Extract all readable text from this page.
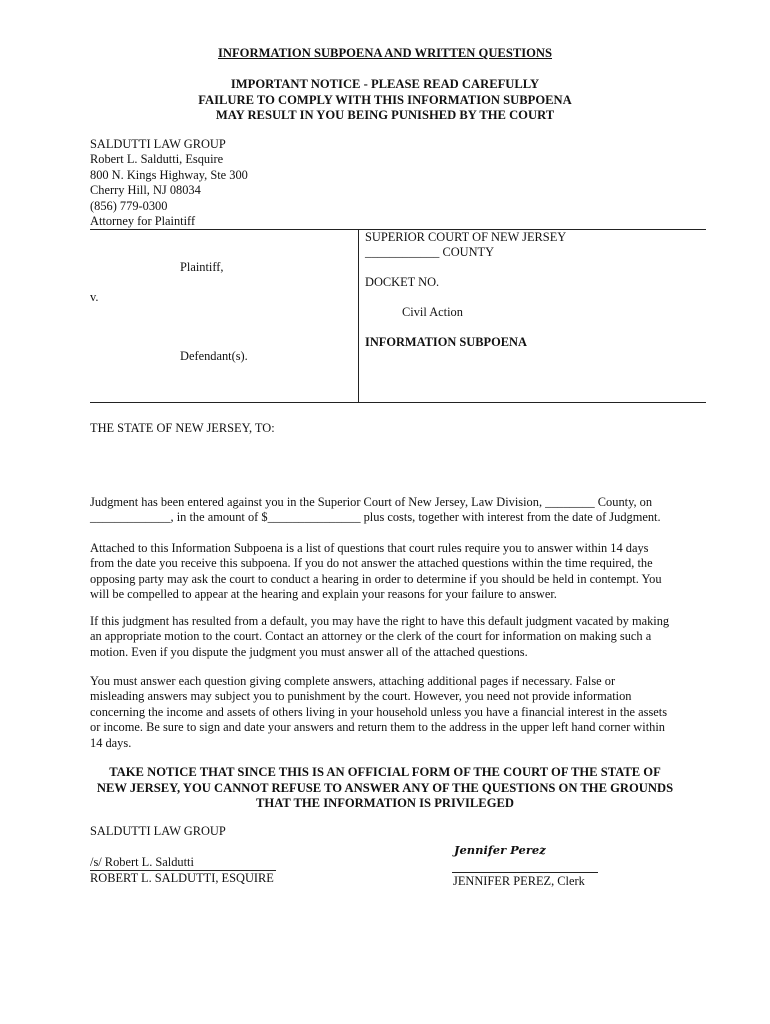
INFORMATION SUBPOENA AND WRITTEN QUESTIONS
IMPORTANT NOTICE - PLEASE READ CAREFULLY
FAILURE TO COMPLY WITH THIS INFORMATION SUBPOENA
MAY RESULT IN YOU BEING PUNISHED BY THE COURT
SALDUTTI LAW GROUP
Robert L. Saldutti, Esquire
800 N. Kings Highway, Ste 300
Cherry Hill, NJ 08034
(856) 779-0300
Attorney for Plaintiff
Plaintiff,
v.
Defendant(s).
SUPERIOR COURT OF NEW JERSEY
____________ COUNTY
DOCKET NO.
Civil Action
INFORMATION SUBPOENA
THE STATE OF NEW JERSEY, TO:
Judgment has been entered against you in the Superior Court of New Jersey, Law Division, ________ County, on
_____________, in the amount of $_______________ plus costs, together with interest from the date of Judgment.
Attached to this Information Subpoena is a list of questions that court rules require you to answer within 14 days
from the date you receive this subpoena. If you do not answer the attached questions within the time required, the
opposing party may ask the court to conduct a hearing in order to determine if you should be held in contempt. You
will be compelled to appear at the hearing and explain your reasons for your failure to answer.
If this judgment has resulted from a default, you may have the right to have this default judgment vacated by making
an appropriate motion to the court. Contact an attorney or the clerk of the court for information on making such a
motion. Even if you dispute the judgment you must answer all of the attached questions.
You must answer each question giving complete answers, attaching additional pages if necessary. False or
misleading answers may subject you to punishment by the court. However, you need not provide information
concerning the income and assets of others living in your household unless you have a financial interest in the assets
or income. Be sure to sign and date your answers and return them to the address in the upper left hand corner within
14 days.
TAKE NOTICE THAT SINCE THIS IS AN OFFICIAL FORM OF THE COURT OF THE STATE OF
NEW JERSEY, YOU CANNOT REFUSE TO ANSWER ANY OF THE QUESTIONS ON THE GROUNDS
THAT THE INFORMATION IS PRIVILEGED
SALDUTTI LAW GROUP
/s/ Robert L. Saldutti
ROBERT L. SALDUTTI, ESQUIRE
Jennifer Perez
JENNIFER PEREZ, Clerk
